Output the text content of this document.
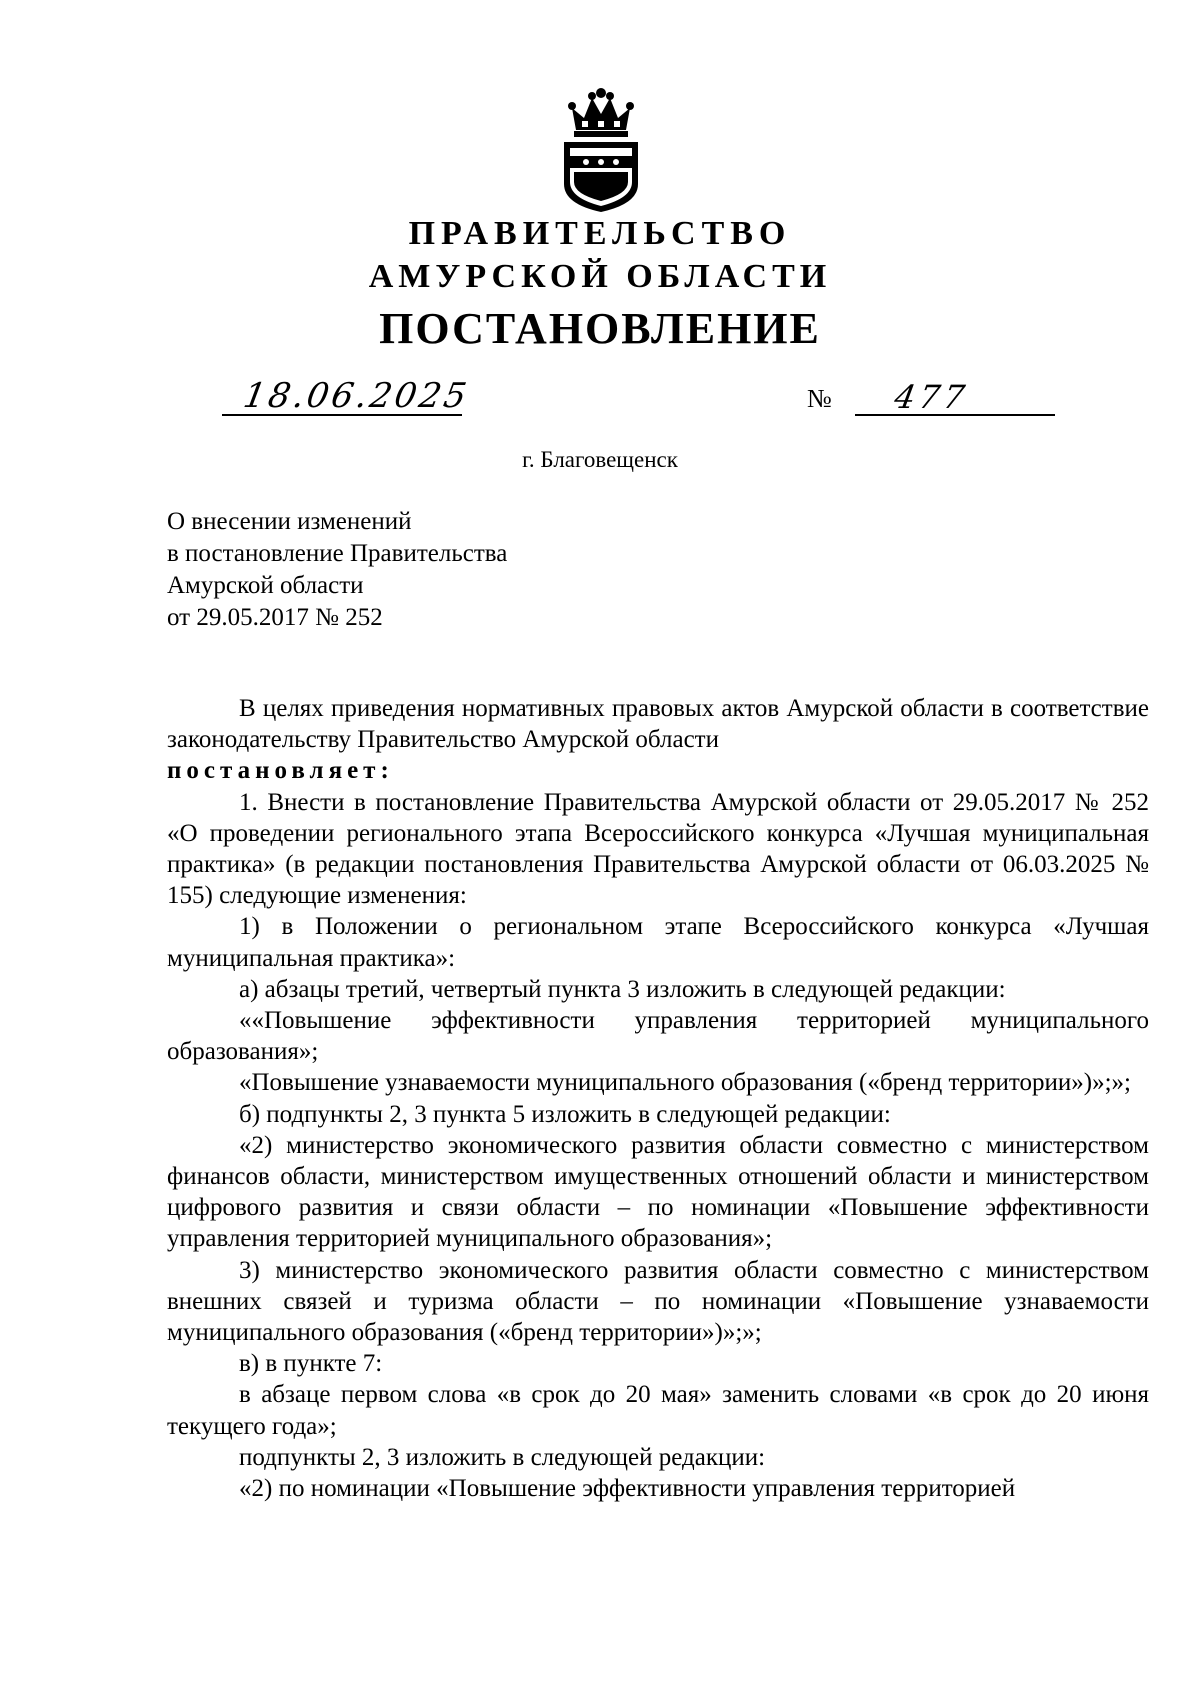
ПРАВИТЕЛЬСТВО
АМУРСКОЙ ОБЛАСТИ
ПОСТАНОВЛЕНИЕ
18.06.2025	№ 477
г. Благовещенск
О внесении изменений
в постановление Правительства
Амурской области
от 29.05.2017 № 252
В целях приведения нормативных правовых актов Амурской области в соответствие законодательству Правительство Амурской области
постановляет:
1. Внести в постановление Правительства Амурской области от 29.05.2017 № 252 «О проведении регионального этапа Всероссийского конкурса «Лучшая муниципальная практика» (в редакции постановления Правительства Амурской области от 06.03.2025 № 155) следующие изменения:
1) в Положении о региональном этапе Всероссийского конкурса «Лучшая муниципальная практика»:
а) абзацы третий, четвертый пункта 3 изложить в следующей редакции:
««Повышение эффективности управления территорией муниципального образования»;
«Повышение узнаваемости муниципального образования («бренд территории»)»;»;
б) подпункты 2, 3 пункта 5 изложить в следующей редакции:
«2) министерство экономического развития области совместно с министерством финансов области, министерством имущественных отношений области и министерством цифрового развития и связи области – по номинации «Повышение эффективности управления территорией муниципального образования»;
3) министерство экономического развития области совместно с министерством внешних связей и туризма области – по номинации «Повышение узнаваемости муниципального образования («бренд территории»)»;»;
в) в пункте 7:
в абзаце первом слова «в срок до 20 мая» заменить словами «в срок до 20 июня текущего года»;
подпункты 2, 3 изложить в следующей редакции:
«2) по номинации «Повышение эффективности управления территорией
